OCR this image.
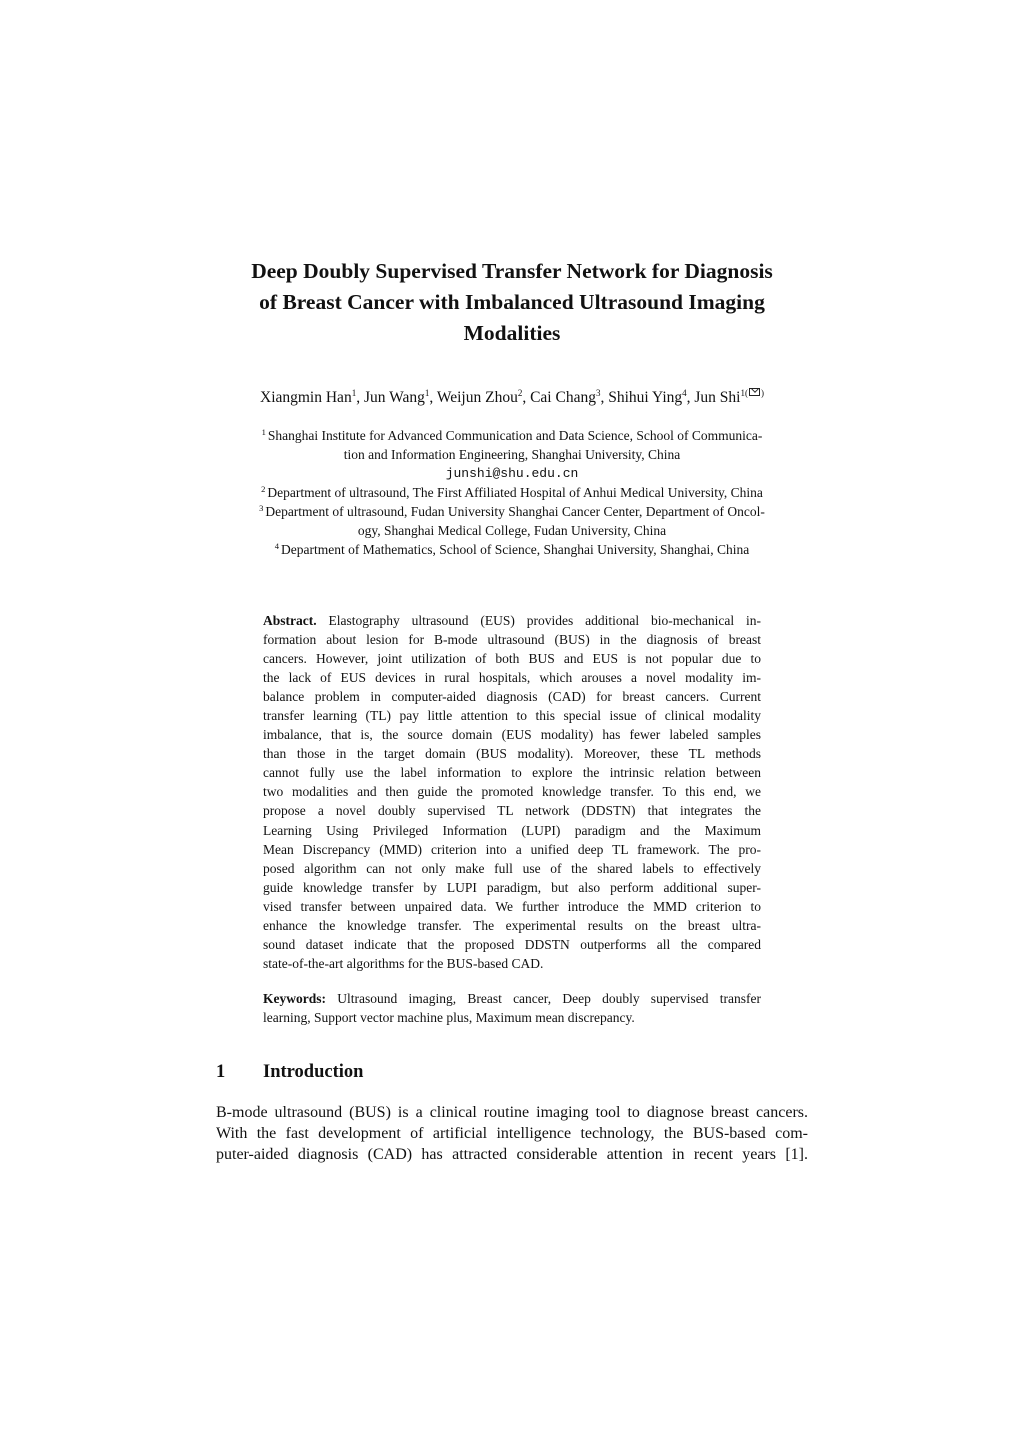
Deep Doubly Supervised Transfer Network for Diagnosis
of Breast Cancer with Imbalanced Ultrasound Imaging
Modalities
Xiangmin Han$^1$, Jun Wang$^1$, Weijun Zhou$^2$, Cai Chang$^3$, Shihui Ying$^4$, Jun Shi$^{1( )}$
$^1$ Shanghai Institute for Advanced Communication and Data Science, School of Communica-
tion and Information Engineering, Shanghai University, China
junshi@shu.edu.cn
$^2$ Department of ultrasound, The First Affiliated Hospital of Anhui Medical University, China
$^3$ Department of ultrasound, Fudan University Shanghai Cancer Center, Department of Oncol-
ogy, Shanghai Medical College, Fudan University, China
$^4$ Department of Mathematics, School of Science, Shanghai University, Shanghai, China
Abstract. Elastography ultrasound (EUS) provides additional bio-mechanical in-
formation about lesion for B-mode ultrasound (BUS) in the diagnosis of breast
cancers. However, joint utilization of both BUS and EUS is not popular due to
the lack of EUS devices in rural hospitals, which arouses a novel modality im-
balance problem in computer-aided diagnosis (CAD) for breast cancers. Current
transfer learning (TL) pay little attention to this special issue of clinical modality
imbalance, that is, the source domain (EUS modality) has fewer labeled samples
than those in the target domain (BUS modality). Moreover, these TL methods
cannot fully use the label information to explore the intrinsic relation between
two modalities and then guide the promoted knowledge transfer. To this end, we
propose a novel doubly supervised TL network (DDSTN) that integrates the
Learning Using Privileged Information (LUPI) paradigm and the Maximum
Mean Discrepancy (MMD) criterion into a unified deep TL framework. The pro-
posed algorithm can not only make full use of the shared labels to effectively
guide knowledge transfer by LUPI paradigm, but also perform additional super-
vised transfer between unpaired data. We further introduce the MMD criterion to
enhance the knowledge transfer. The experimental results on the breast ultra-
sound dataset indicate that the proposed DDSTN outperforms all the compared
state-of-the-art algorithms for the BUS-based CAD.
Keywords: Ultrasound imaging, Breast cancer, Deep doubly supervised transfer
learning, Support vector machine plus, Maximum mean discrepancy.
1 Introduction
B-mode ultrasound (BUS) is a clinical routine imaging tool to diagnose breast cancers.
With the fast development of artificial intelligence technology, the BUS-based com-
puter-aided diagnosis (CAD) has attracted considerable attention in recent years [1].
